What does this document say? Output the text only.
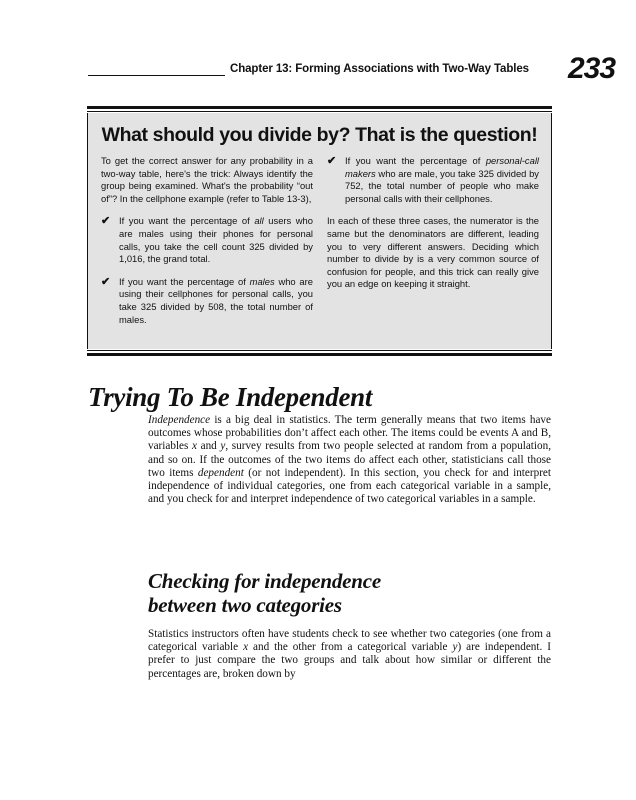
Chapter 13: Forming Associations with Two-Way Tables 233
What should you divide by? That is the question!

To get the correct answer for any probability in a two-way table, here's the trick: Always identify the group being examined. What's the probability “out of”? In the cellphone example (refer to Table 13-3),

✔ If you want the percentage of all users who are males using their phones for personal calls, you take the cell count 325 divided by 1,016, the grand total.
✔ If you want the percentage of males who are using their cellphones for personal calls, you take 325 divided by 508, the total number of males.
✔ If you want the percentage of personal-call makers who are male, you take 325 divided by 752, the total number of people who make personal calls with their cellphones.

In each of these three cases, the numerator is the same but the denominators are different, leading you to very different answers. Deciding which number to divide by is a very common source of confusion for people, and this trick can really give you an edge on keeping it straight.

Trying To Be Independent

Independence is a big deal in statistics. The term generally means that two items have outcomes whose probabilities don’t affect each other. The items could be events A and B, variables x and y, survey results from two people selected at random from a population, and so on. If the outcomes of the two items do affect each other, statisticians call those two items dependent (or not independent). In this section, you check for and interpret independence of individual categories, one from each categorical variable in a sample, and you check for and interpret independence of two categorical variables in a sample.

Checking for independence
between two categories

Statistics instructors often have students check to see whether two categories (one from a categorical variable x and the other from a categorical variable y) are independent. I prefer to just compare the two groups and talk about how similar or different the percentages are, broken down by
